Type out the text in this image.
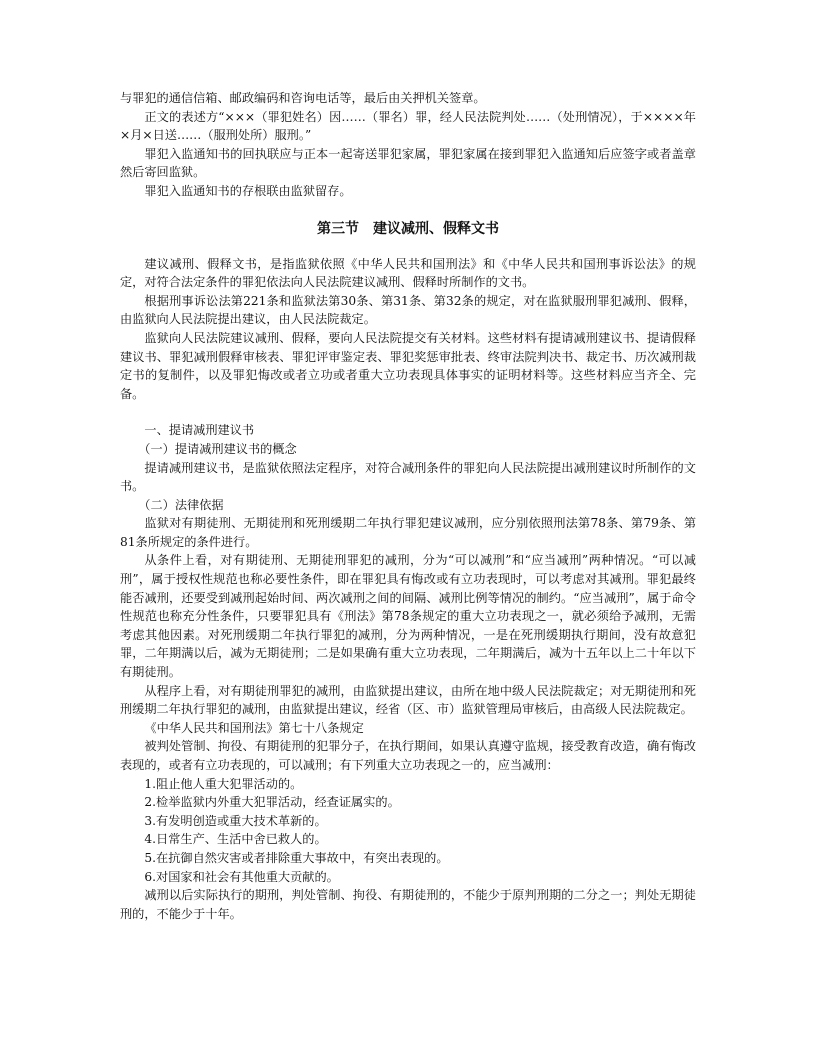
与罪犯的通信信箱、邮政编码和咨询电话等，最后由关押机关签章。

正文的表述方“×××（罪犯姓名）因……（罪名）罪，经人民法院判处……（处刑情况），于××××年×月×日送……（服刑处所）服刑。”

罪犯入监通知书的回执联应与正本一起寄送罪犯家属，罪犯家属在接到罪犯入监通知后应签字或者盖章然后寄回监狱。

罪犯入监通知书的存根联由监狱留存。

第三节　建议减刑、假释文书

建议减刑、假释文书，是指监狱依照《中华人民共和国刑法》和《中华人民共和国刑事诉讼法》的规定，对符合法定条件的罪犯依法向人民法院建议减刑、假释时所制作的文书。

根据刑事诉讼法第221条和监狱法第30条、第31条、第32条的规定，对在监狱服刑罪犯减刑、假释，由监狱向人民法院提出建议，由人民法院裁定。

监狱向人民法院建议减刑、假释，要向人民法院提交有关材料。这些材料有提请减刑建议书、提请假释建议书、罪犯减刑假释审核表、罪犯评审鉴定表、罪犯奖惩审批表、终审法院判决书、裁定书、历次减刑裁定书的复制件，以及罪犯悔改或者立功或者重大立功表现具体事实的证明材料等。这些材料应当齐全、完备。

一、提请减刑建议书

（一）提请减刑建议书的概念

提请减刑建议书，是监狱依照法定程序，对符合减刑条件的罪犯向人民法院提出减刑建议时所制作的文书。

（二）法律依据

监狱对有期徒刑、无期徒刑和死刑缓期二年执行罪犯建议减刑，应分别依照刑法第78条、第79条、第81条所规定的条件进行。

从条件上看，对有期徒刑、无期徒刑罪犯的减刑，分为“可以减刑”和“应当减刑”两种情况。“可以减刑”，属于授权性规范也称必要性条件，即在罪犯具有悔改或有立功表现时，可以考虑对其减刑。罪犯最终能否减刑，还要受到减刑起始时间、两次减刑之间的间隔、减刑比例等情况的制约。“应当减刑”，属于命令性规范也称充分性条件，只要罪犯具有《刑法》第78条规定的重大立功表现之一，就必须给予减刑，无需考虑其他因素。对死刑缓期二年执行罪犯的减刑，分为两种情况，一是在死刑缓期执行期间，没有故意犯罪，二年期满以后，减为无期徒刑；二是如果确有重大立功表现，二年期满后，减为十五年以上二十年以下有期徒刑。

从程序上看，对有期徒刑罪犯的减刑，由监狱提出建议，由所在地中级人民法院裁定；对无期徒刑和死刑缓期二年执行罪犯的减刑，由监狱提出建议，经省（区、市）监狱管理局审核后，由高级人民法院裁定。

《中华人民共和国刑法》第七十八条规定

被判处管制、拘役、有期徒刑的犯罪分子，在执行期间，如果认真遵守监规，接受教育改造，确有悔改表现的，或者有立功表现的，可以减刑；有下列重大立功表现之一的，应当减刑：

1.阻止他人重大犯罪活动的。

2.检举监狱内外重大犯罪活动，经查证属实的。

3.有发明创造或重大技术革新的。

4.日常生产、生活中舍已救人的。

5.在抗御自然灾害或者排除重大事故中，有突出表现的。

6.对国家和社会有其他重大贡献的。

减刑以后实际执行的期刑，判处管制、拘役、有期徒刑的，不能少于原判刑期的二分之一；判处无期徒刑的，不能少于十年。
